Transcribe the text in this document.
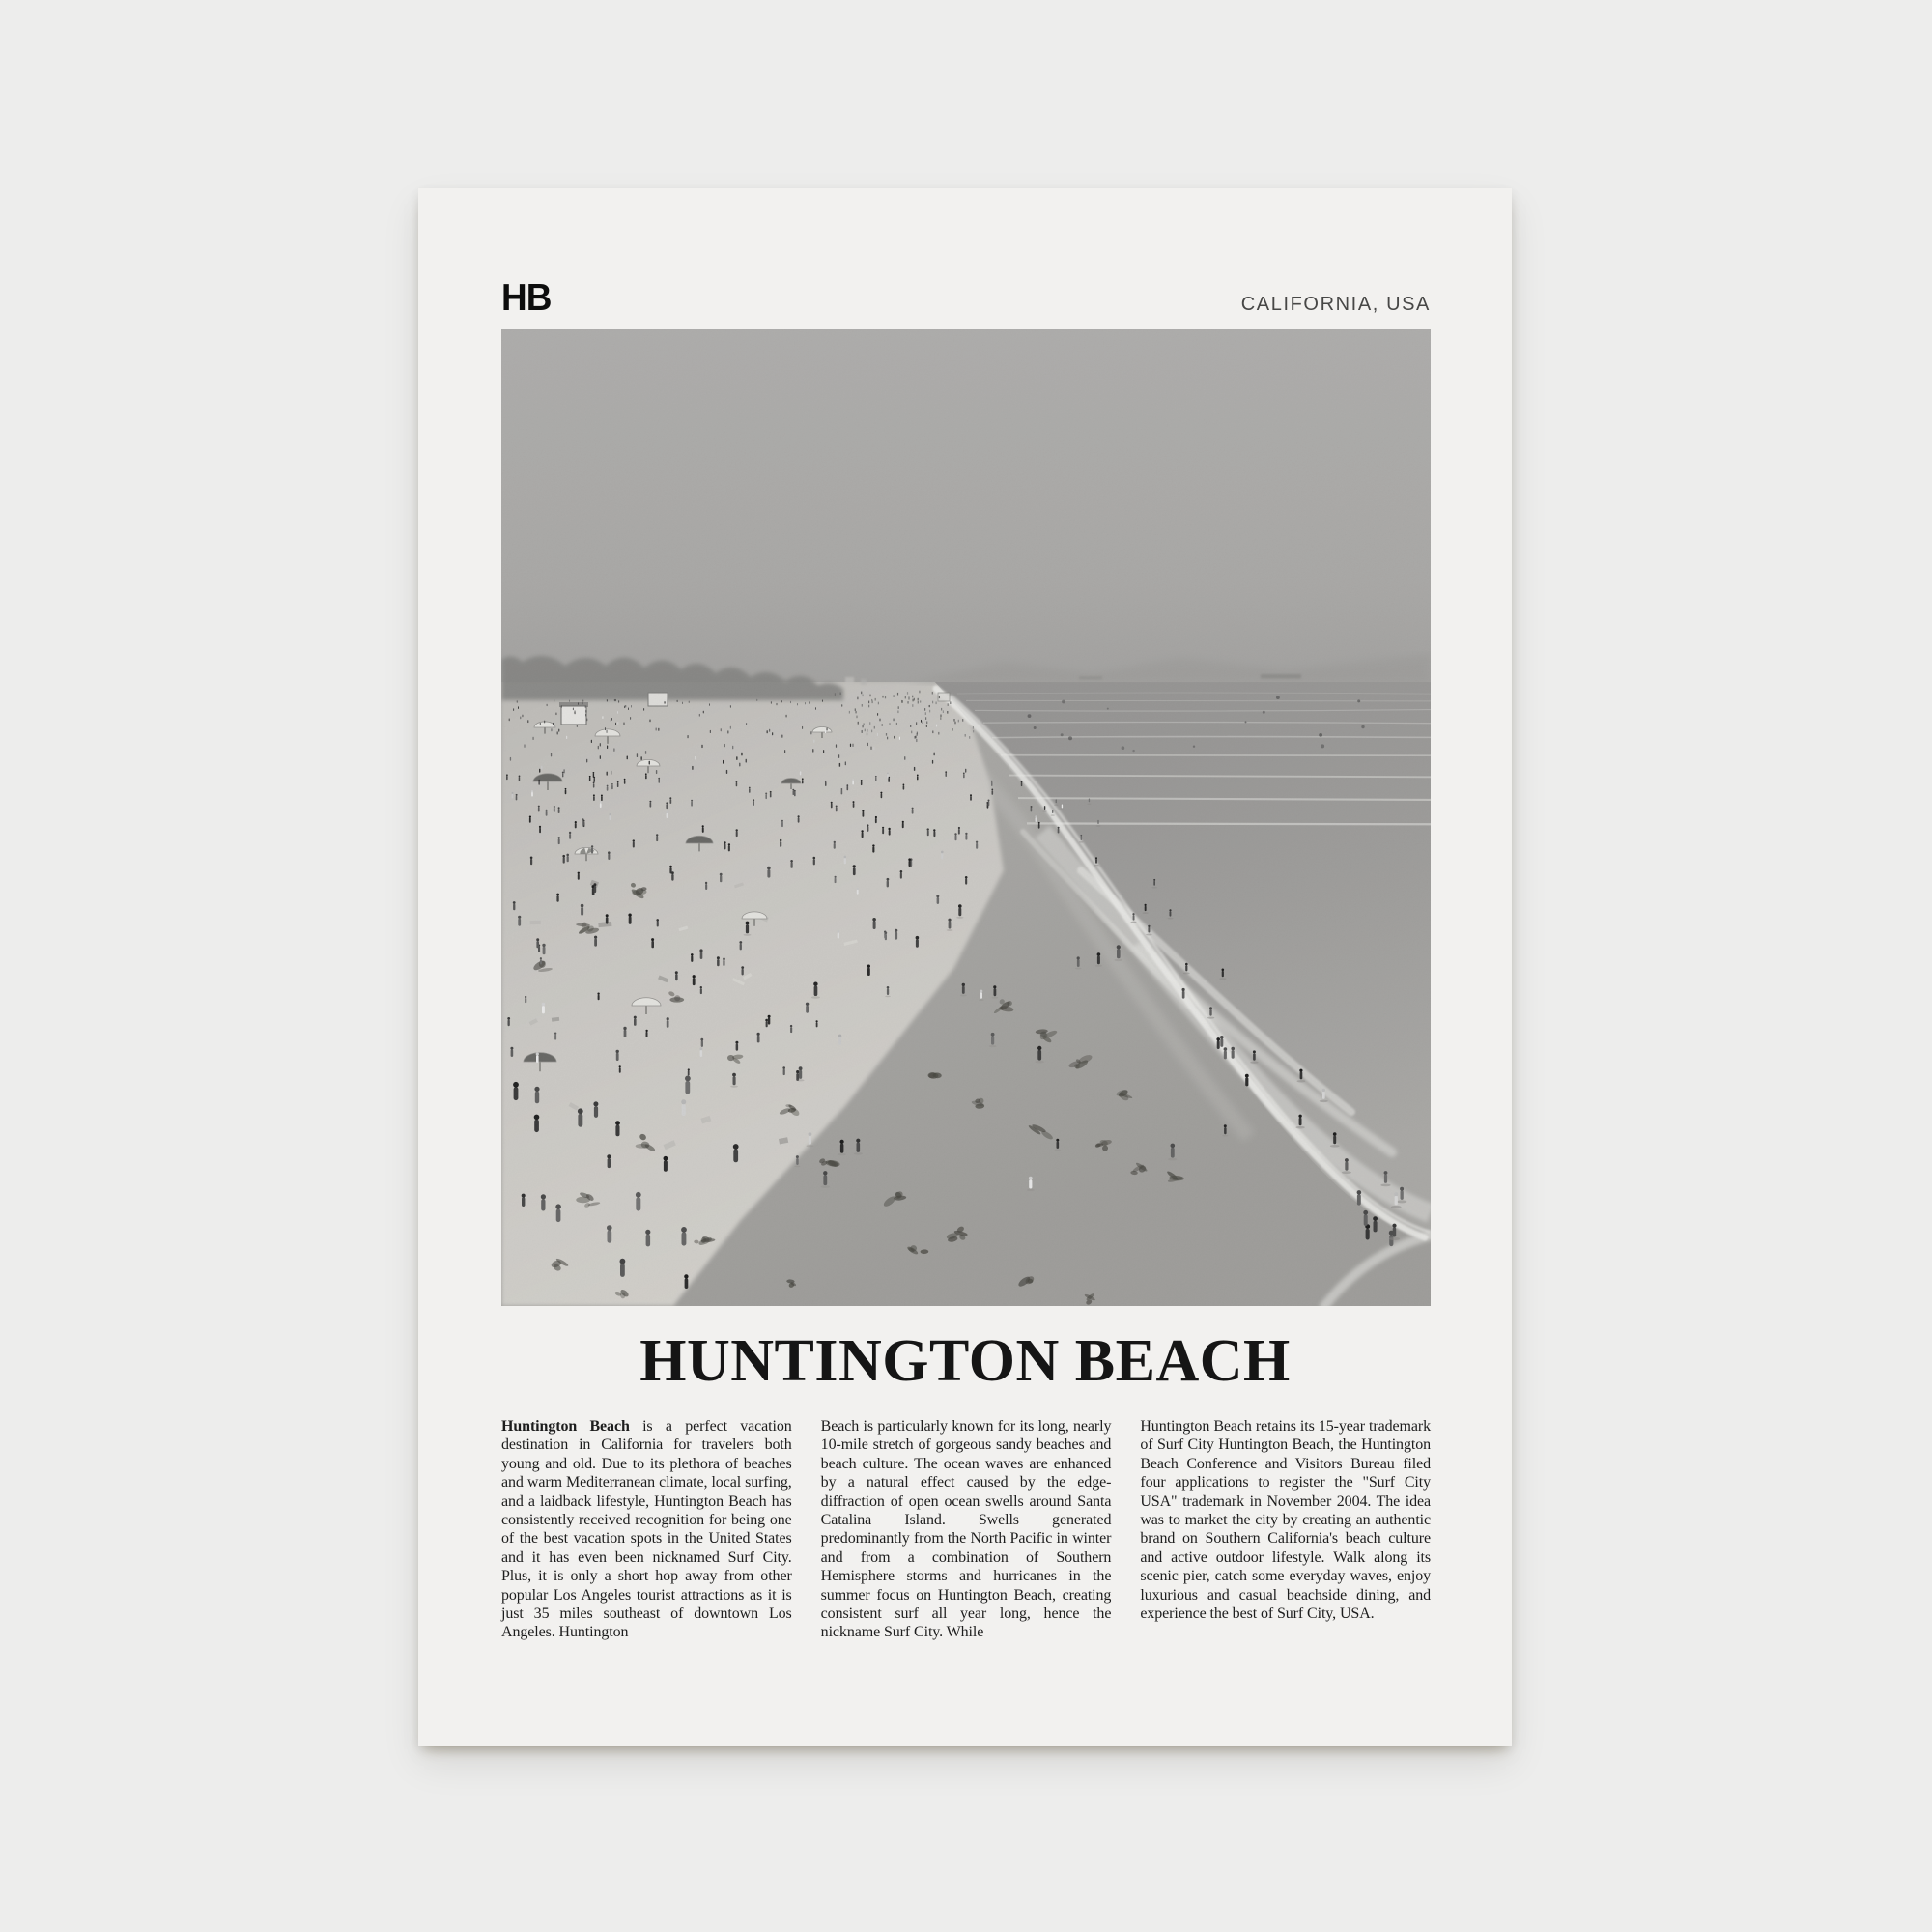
HB	CALIFORNIA, USA
HUNTINGTON BEACH

Huntington Beach is a perfect vacation destination in California for travelers both young and old. Due to its plethora of beaches and warm Mediterranean climate, local surfing, and a laidback lifestyle, Huntington Beach has consistently received recognition for being one of the best vacation spots in the United States and it has even been nicknamed Surf City. Plus, it is only a short hop away from other popular Los Angeles tourist attractions as it is just 35 miles southeast of downtown Los Angeles. Huntington

Beach is particularly known for its long, nearly 10-mile stretch of gorgeous sandy beaches and beach culture. The ocean waves are enhanced by a natural effect caused by the edge-diffraction of open ocean swells around Santa Catalina Island. Swells generated predominantly from the North Pacific in winter and from a combination of Southern Hemisphere storms and hurricanes in the summer focus on Huntington Beach, creating consistent surf all year long, hence the nickname Surf City. While

Huntington Beach retains its 15-year trademark of Surf City Huntington Beach, the Huntington Beach Conference and Visitors Bureau filed four applications to register the "Surf City USA" trademark in November 2004. The idea was to market the city by creating an authentic brand on Southern California's beach culture and active outdoor lifestyle. Walk along its scenic pier, catch some everyday waves, enjoy luxurious and casual beachside dining, and experience the best of Surf City, USA.
